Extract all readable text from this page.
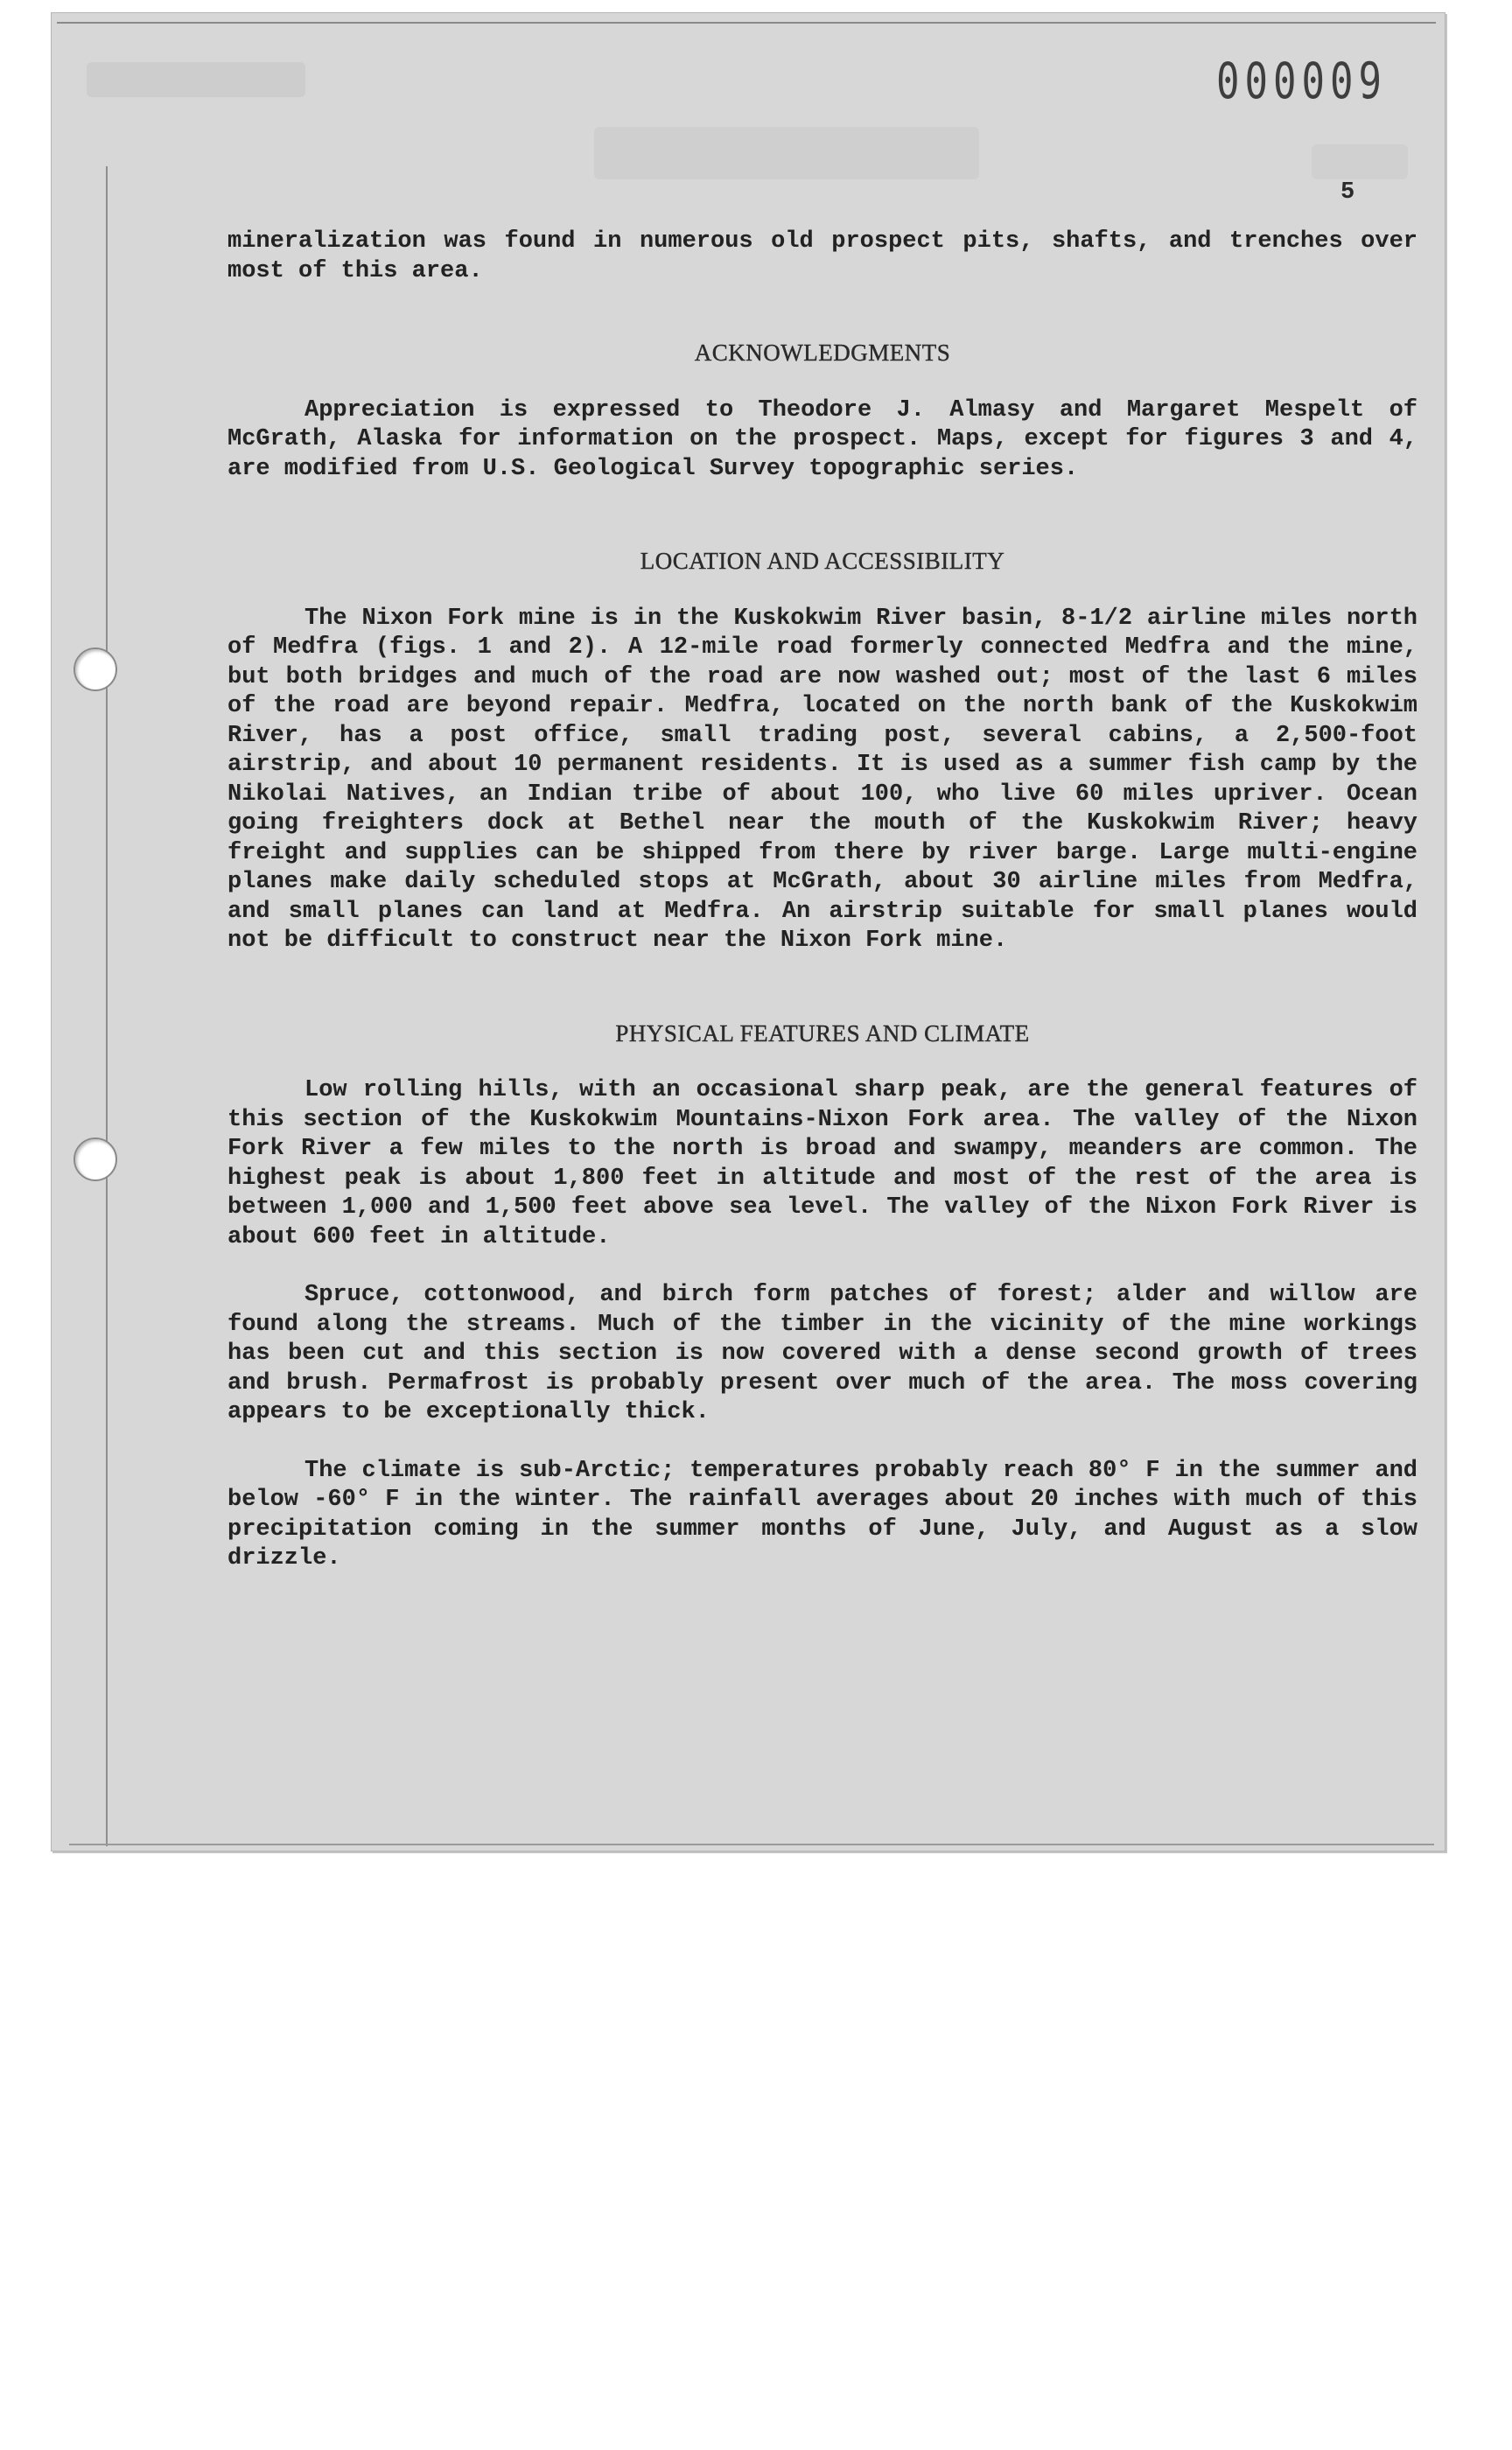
000009
5

mineralization was found in numerous old prospect pits, shafts, and trenches over most of this area.

ACKNOWLEDGMENTS

Appreciation is expressed to Theodore J. Almasy and Margaret Mespelt of McGrath, Alaska for information on the prospect. Maps, except for figures 3 and 4, are modified from U.S. Geological Survey topographic series.

LOCATION AND ACCESSIBILITY

The Nixon Fork mine is in the Kuskokwim River basin, 8-1/2 airline miles north of Medfra (figs. 1 and 2). A 12-mile road formerly connected Medfra and the mine, but both bridges and much of the road are now washed out; most of the last 6 miles of the road are beyond repair. Medfra, located on the north bank of the Kuskokwim River, has a post office, small trading post, several cabins, a 2,500-foot airstrip, and about 10 permanent residents. It is used as a summer fish camp by the Nikolai Natives, an Indian tribe of about 100, who live 60 miles upriver. Ocean going freighters dock at Bethel near the mouth of the Kuskokwim River; heavy freight and supplies can be shipped from there by river barge. Large multi-engine planes make daily scheduled stops at McGrath, about 30 airline miles from Medfra, and small planes can land at Medfra. An airstrip suitable for small planes would not be difficult to construct near the Nixon Fork mine.

PHYSICAL FEATURES AND CLIMATE

Low rolling hills, with an occasional sharp peak, are the general features of this section of the Kuskokwim Mountains-Nixon Fork area. The valley of the Nixon Fork River a few miles to the north is broad and swampy, meanders are common. The highest peak is about 1,800 feet in altitude and most of the rest of the area is between 1,000 and 1,500 feet above sea level. The valley of the Nixon Fork River is about 600 feet in altitude.

Spruce, cottonwood, and birch form patches of forest; alder and willow are found along the streams. Much of the timber in the vicinity of the mine workings has been cut and this section is now covered with a dense second growth of trees and brush. Permafrost is probably present over much of the area. The moss covering appears to be exceptionally thick.

The climate is sub-Arctic; temperatures probably reach 80° F in the summer and below -60° F in the winter. The rainfall averages about 20 inches with much of this precipitation coming in the summer months of June, July, and August as a slow drizzle.
